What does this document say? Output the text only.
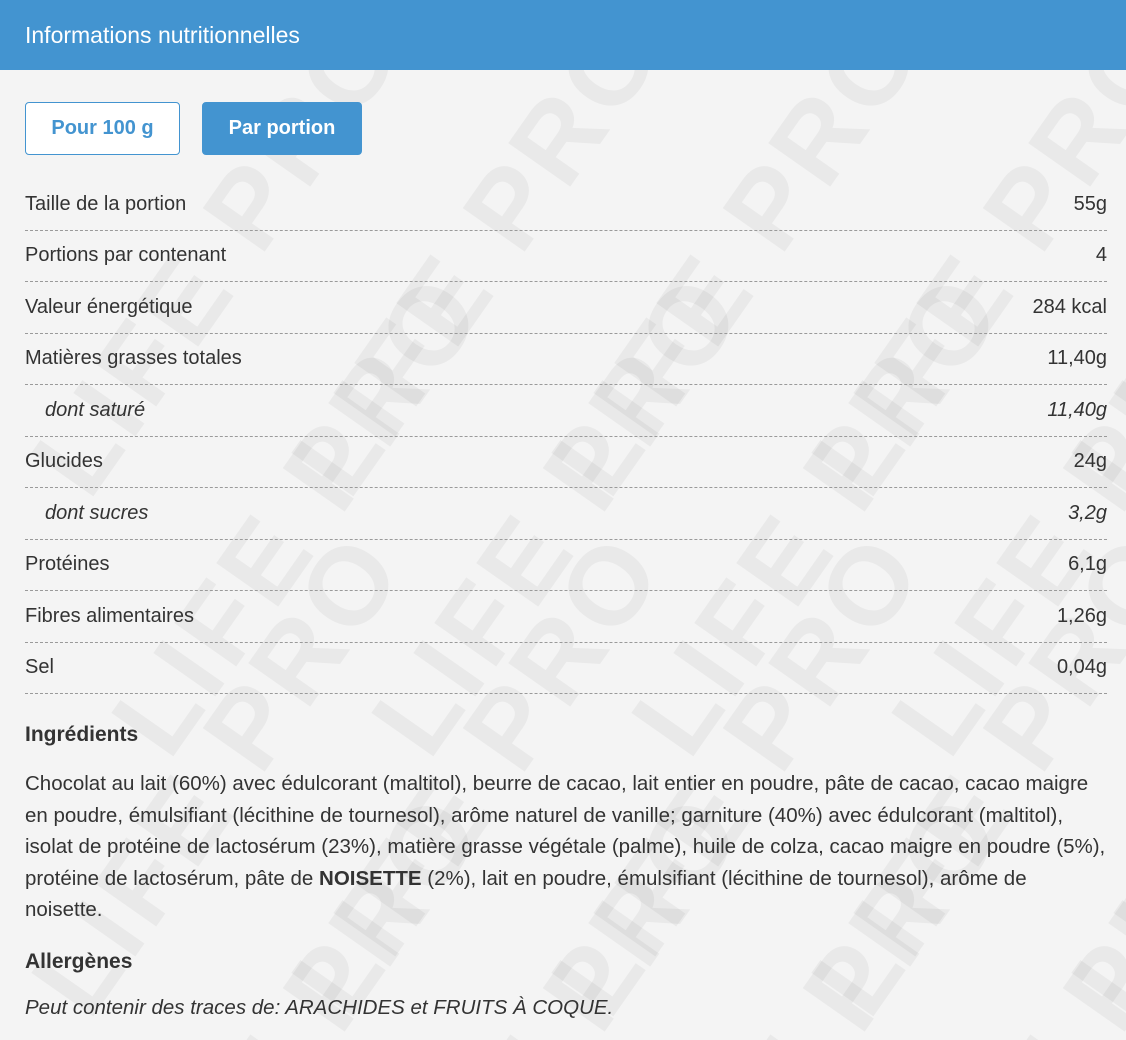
Informations nutritionnelles
Pour 100 g	Par portion
Taille de la portion	55g
Portions par contenant	4
Valeur énergétique	284 kcal
Matières grasses totales	11,40g
dont saturé	11,40g
Glucides	24g
dont sucres	3,2g
Protéines	6,1g
Fibres alimentaires	1,26g
Sel	0,04g
Ingrédients
Chocolat au lait (60%) avec édulcorant (maltitol), beurre de cacao, lait entier en poudre, pâte de cacao, cacao maigre en poudre, émulsifiant (lécithine de tournesol), arôme naturel de vanille; garniture (40%) avec édulcorant (maltitol), isolat de protéine de lactosérum (23%), matière grasse végétale (palme), huile de colza, cacao maigre en poudre (5%), protéine de lactosérum, pâte de NOISETTE (2%), lait en poudre, émulsifiant (lécithine de tournesol), arôme de noisette.
Allergènes
Peut contenir des traces de: ARACHIDES et FRUITS À COQUE.
